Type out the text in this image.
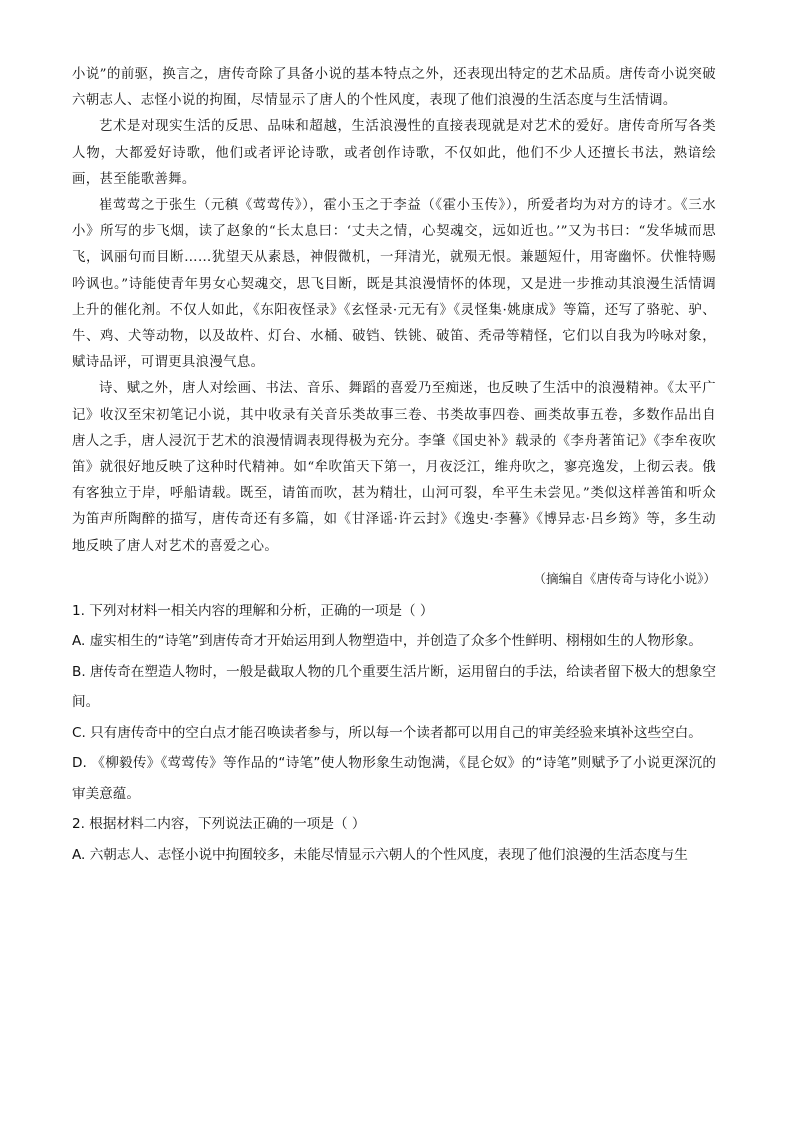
小说”的前驱，换言之，唐传奇除了具备小说的基本特点之外，还表现出特定的艺术品质。唐传奇小说突破六朝志人、志怪小说的拘囿，尽情显示了唐人的个性风度，表现了他们浪漫的生活态度与生活情调。

艺术是对现实生活的反思、品味和超越，生活浪漫性的直接表现就是对艺术的爱好。唐传奇所写各类人物，大都爱好诗歌，他们或者评论诗歌，或者创作诗歌，不仅如此，他们不少人还擅长书法，熟谙绘画，甚至能歌善舞。

崔莺莺之于张生（元稹《莺莺传》），霍小玉之于李益（《霍小玉传》），所爱者均为对方的诗才。《三水小》所写的步飞烟，读了赵象的“长太息曰：‘丈夫之情，心契魂交，远如近也。’”又为书曰：“发华城而思飞，讽丽句而目断……犹望天从素恳，神假微机，一拜清光，就殒无恨。兼题短什，用寄幽怀。伏惟特赐吟讽也。”诗能使青年男女心契魂交，思飞目断，既是其浪漫情怀的体现，又是进一步推动其浪漫生活情调上升的催化剂。不仅人如此，《东阳夜怪录》《玄怪录·元无有》《灵怪集·姚康成》等篇，还写了骆驼、驴、牛、鸡、犬等动物，以及故杵、灯台、水桶、破铛、铁铫、破笛、秃帚等精怪，它们以自我为吟咏对象，赋诗品评，可谓更具浪漫气息。

诗、赋之外，唐人对绘画、书法、音乐、舞蹈的喜爱乃至痴迷，也反映了生活中的浪漫精神。《太平广记》收汉至宋初笔记小说，其中收录有关音乐类故事三卷、书类故事四卷、画类故事五卷，多数作品出自唐人之手，唐人浸沉于艺术的浪漫情调表现得极为充分。李肇《国史补》载录的《李舟著笛记》《李牟夜吹笛》就很好地反映了这种时代精神。如“牟吹笛天下第一，月夜泛江，维舟吹之，寥亮逸发，上彻云表。俄有客独立于岸，呼船请载。既至，请笛而吹，甚为精壮，山河可裂，牟平生未尝见。”类似这样善笛和听众为笛声所陶醉的描写，唐传奇还有多篇，如《甘泽谣·许云封》《逸史·李謩》《博异志·吕乡筠》等，多生动地反映了唐人对艺术的喜爱之心。

（摘编自《唐传奇与诗化小说》）

1. 下列对材料一相关内容的理解和分析，正确的一项是（ ）

A. 虚实相生的“诗笔”到唐传奇才开始运用到人物塑造中，并创造了众多个性鲜明、栩栩如生的人物形象。

B. 唐传奇在塑造人物时，一般是截取人物的几个重要生活片断，运用留白的手法，给读者留下极大的想象空间。

C. 只有唐传奇中的空白点才能召唤读者参与，所以每一个读者都可以用自己的审美经验来填补这些空白。

D. 《柳毅传》《莺莺传》等作品的“诗笔”使人物形象生动饱满，《昆仑奴》的“诗笔”则赋予了小说更深沉的审美意蕴。

2. 根据材料二内容，下列说法正确的一项是（ ）

A. 六朝志人、志怪小说中拘囿较多，未能尽情显示六朝人的个性风度，表现了他们浪漫的生活态度与生
